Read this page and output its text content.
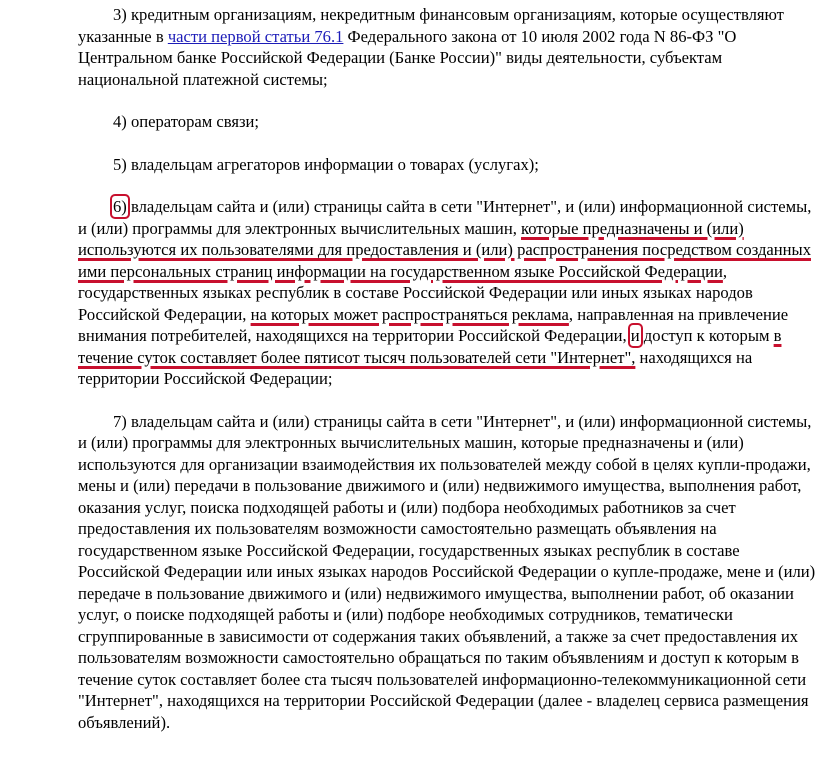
3) кредитным организациям, некредитным финансовым организациям, которые осуществляют указанные в части первой статьи 76.1 Федерального закона от 10 июля 2002 года N 86-ФЗ "О Центральном банке Российской Федерации (Банке России)" виды деятельности, субъектам национальной платежной системы;

4) операторам связи;

5) владельцам агрегаторов информации о товарах (услугах);

6) владельцам сайта и (или) страницы сайта в сети "Интернет", и (или) информационной системы, и (или) программы для электронных вычислительных машин, которые предназначены и (или) используются их пользователями для предоставления и (или) распространения посредством созданных ими персональных страниц информации на государственном языке Российской Федерации, государственных языках республик в составе Российской Федерации или иных языках народов Российской Федерации, на которых может распространяться реклама, направленная на привлечение внимания потребителей, находящихся на территории Российской Федерации, и доступ к которым в течение суток составляет более пятисот тысяч пользователей сети "Интернет", находящихся на территории Российской Федерации;

7) владельцам сайта и (или) страницы сайта в сети "Интернет", и (или) информационной системы, и (или) программы для электронных вычислительных машин, которые предназначены и (или) используются для организации взаимодействия их пользователей между собой в целях купли-продажи, мены и (или) передачи в пользование движимого и (или) недвижимого имущества, выполнения работ, оказания услуг, поиска подходящей работы и (или) подбора необходимых работников за счет предоставления их пользователям возможности самостоятельно размещать объявления на государственном языке Российской Федерации, государственных языках республик в составе Российской Федерации или иных языках народов Российской Федерации о купле-продаже, мене и (или) передаче в пользование движимого и (или) недвижимого имущества, выполнении работ, об оказании услуг, о поиске подходящей работы и (или) подборе необходимых сотрудников, тематически сгруппированные в зависимости от содержания таких объявлений, а также за счет предоставления их пользователям возможности самостоятельно обращаться по таким объявлениям и доступ к которым в течение суток составляет более ста тысяч пользователей информационно-телекоммуникационной сети "Интернет", находящихся на территории Российской Федерации (далее - владелец сервиса размещения объявлений).
